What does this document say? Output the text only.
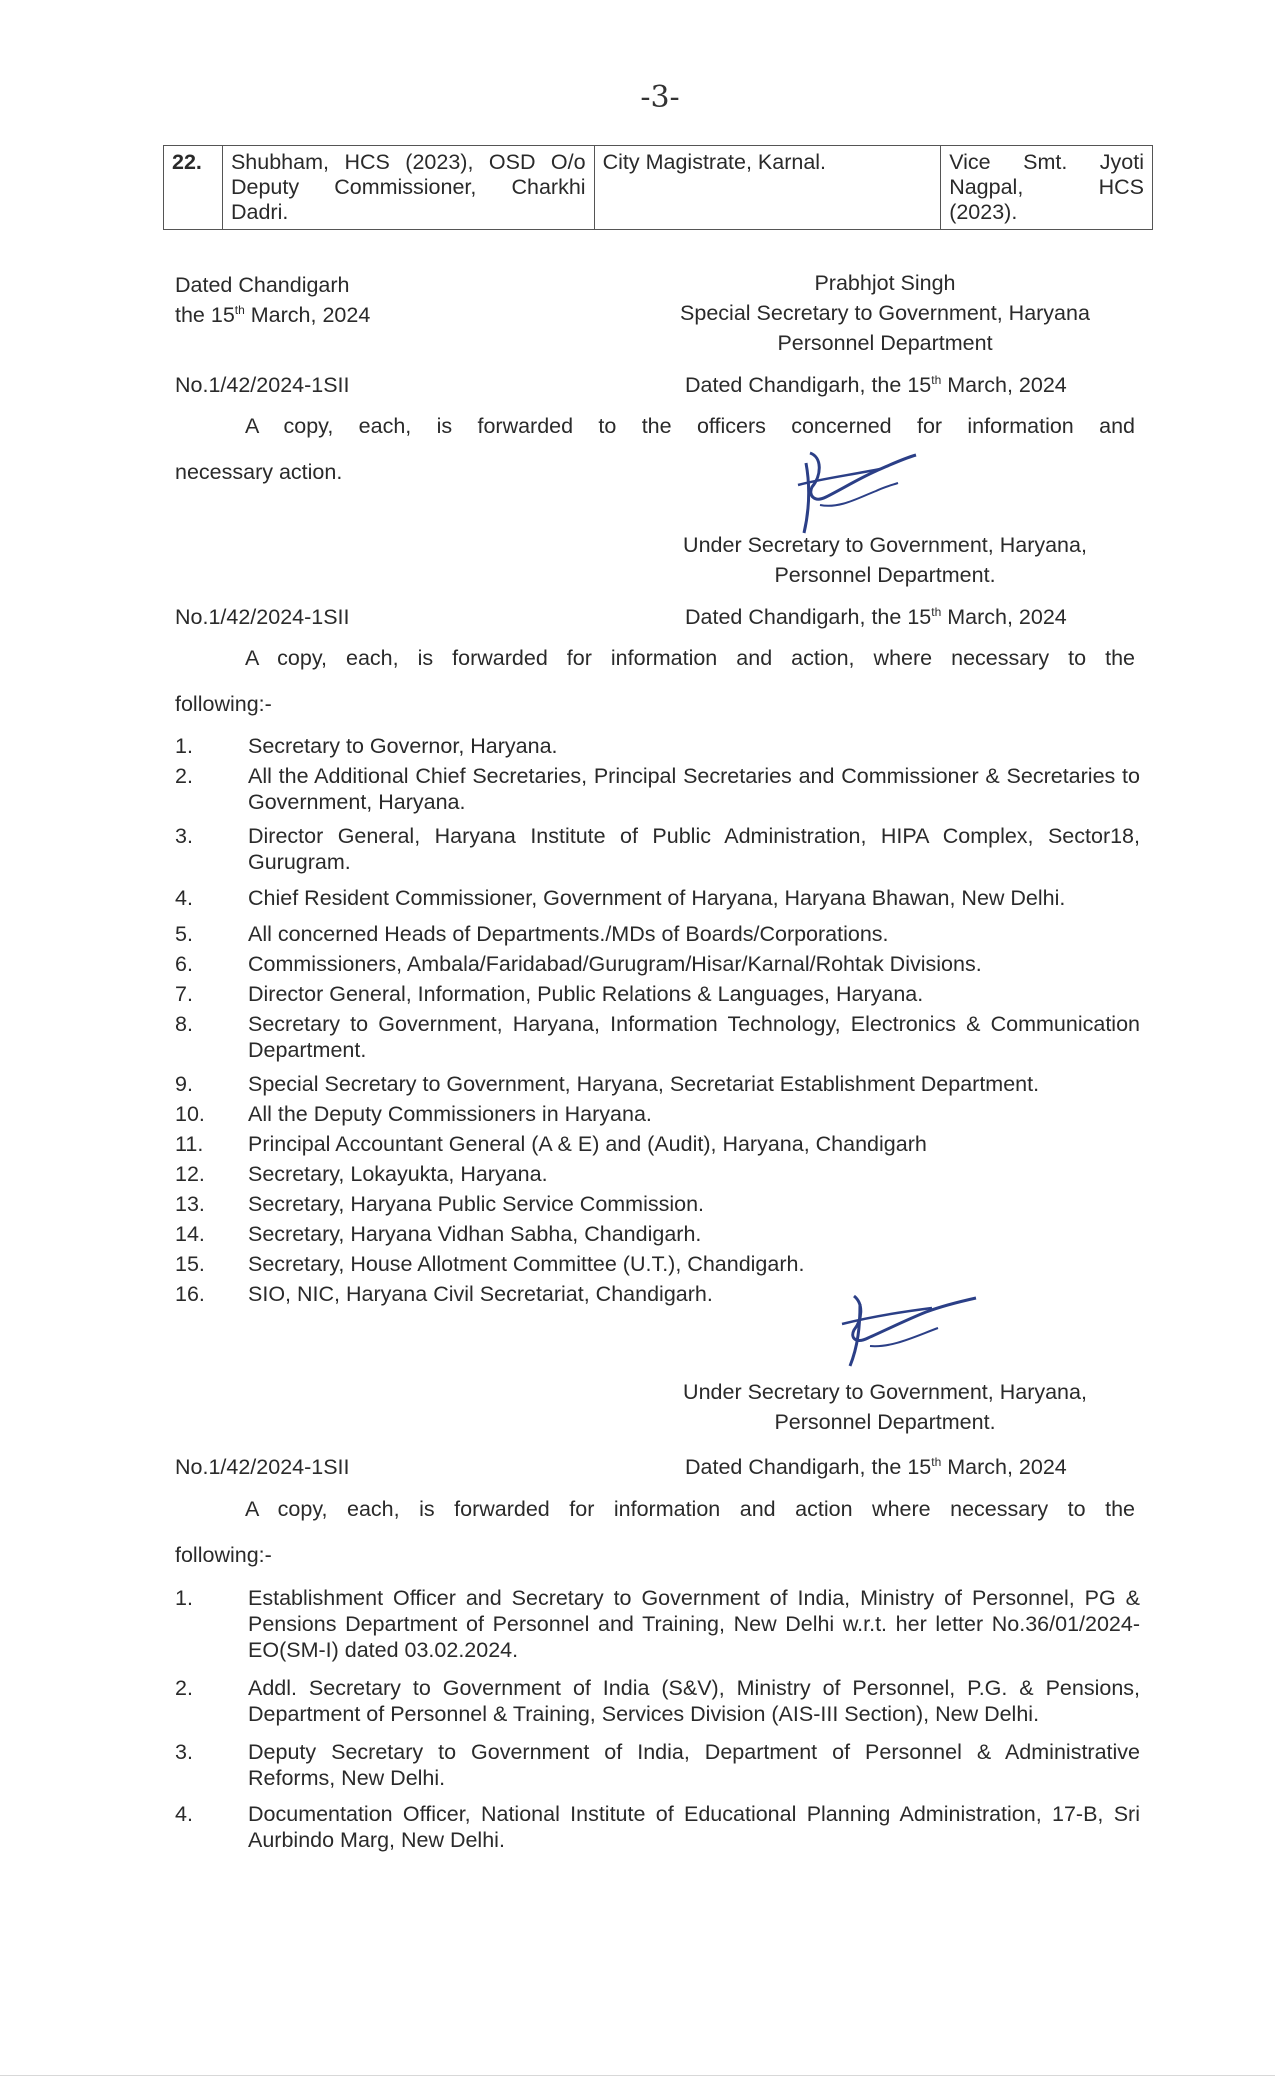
-3-
22.	Shubham, HCS (2023), OSD O/o Deputy Commissioner, Charkhi Dadri.	City Magistrate, Karnal.	Vice Smt. Jyoti Nagpal, HCS (2023).
Dated Chandigarh
the 15th March, 2024
Prabhjot Singh
Special Secretary to Government, Haryana
Personnel Department
No.1/42/2024-1SII	Dated Chandigarh, the 15th March, 2024
A copy, each, is forwarded to the officers concerned for information and
necessary action.
Under Secretary to Government, Haryana,
Personnel Department.
No.1/42/2024-1SII	Dated Chandigarh, the 15th March, 2024
A copy, each, is forwarded for information and action, where necessary to the
following:-
1.	Secretary to Governor, Haryana.
2.	All the Additional Chief Secretaries, Principal Secretaries and Commissioner & Secretaries to Government, Haryana.
3.	Director General, Haryana Institute of Public Administration, HIPA Complex, Sector18, Gurugram.
4.	Chief Resident Commissioner, Government of Haryana, Haryana Bhawan, New Delhi.
5.	All concerned Heads of Departments./MDs of Boards/Corporations.
6.	Commissioners, Ambala/Faridabad/Gurugram/Hisar/Karnal/Rohtak Divisions.
7.	Director General, Information, Public Relations & Languages, Haryana.
8.	Secretary to Government, Haryana, Information Technology, Electronics & Communication Department.
9.	Special Secretary to Government, Haryana, Secretariat Establishment Department.
10.	All the Deputy Commissioners in Haryana.
11.	Principal Accountant General (A & E) and (Audit), Haryana, Chandigarh
12.	Secretary, Lokayukta, Haryana.
13.	Secretary, Haryana Public Service Commission.
14.	Secretary, Haryana Vidhan Sabha, Chandigarh.
15.	Secretary, House Allotment Committee (U.T.), Chandigarh.
16.	SIO, NIC, Haryana Civil Secretariat, Chandigarh.
Under Secretary to Government, Haryana,
Personnel Department.
No.1/42/2024-1SII	Dated Chandigarh, the 15th March, 2024
A copy, each, is forwarded for information and action where necessary to the
following:-
1.	Establishment Officer and Secretary to Government of India, Ministry of Personnel, PG & Pensions Department of Personnel and Training, New Delhi w.r.t. her letter No.36/01/2024-EO(SM-I) dated 03.02.2024.
2.	Addl. Secretary to Government of India (S&V), Ministry of Personnel, P.G. & Pensions, Department of Personnel & Training, Services Division (AIS-III Section), New Delhi.
3.	Deputy Secretary to Government of India, Department of Personnel & Administrative Reforms, New Delhi.
4.	Documentation Officer, National Institute of Educational Planning Administration, 17-B, Sri Aurbindo Marg, New Delhi.
